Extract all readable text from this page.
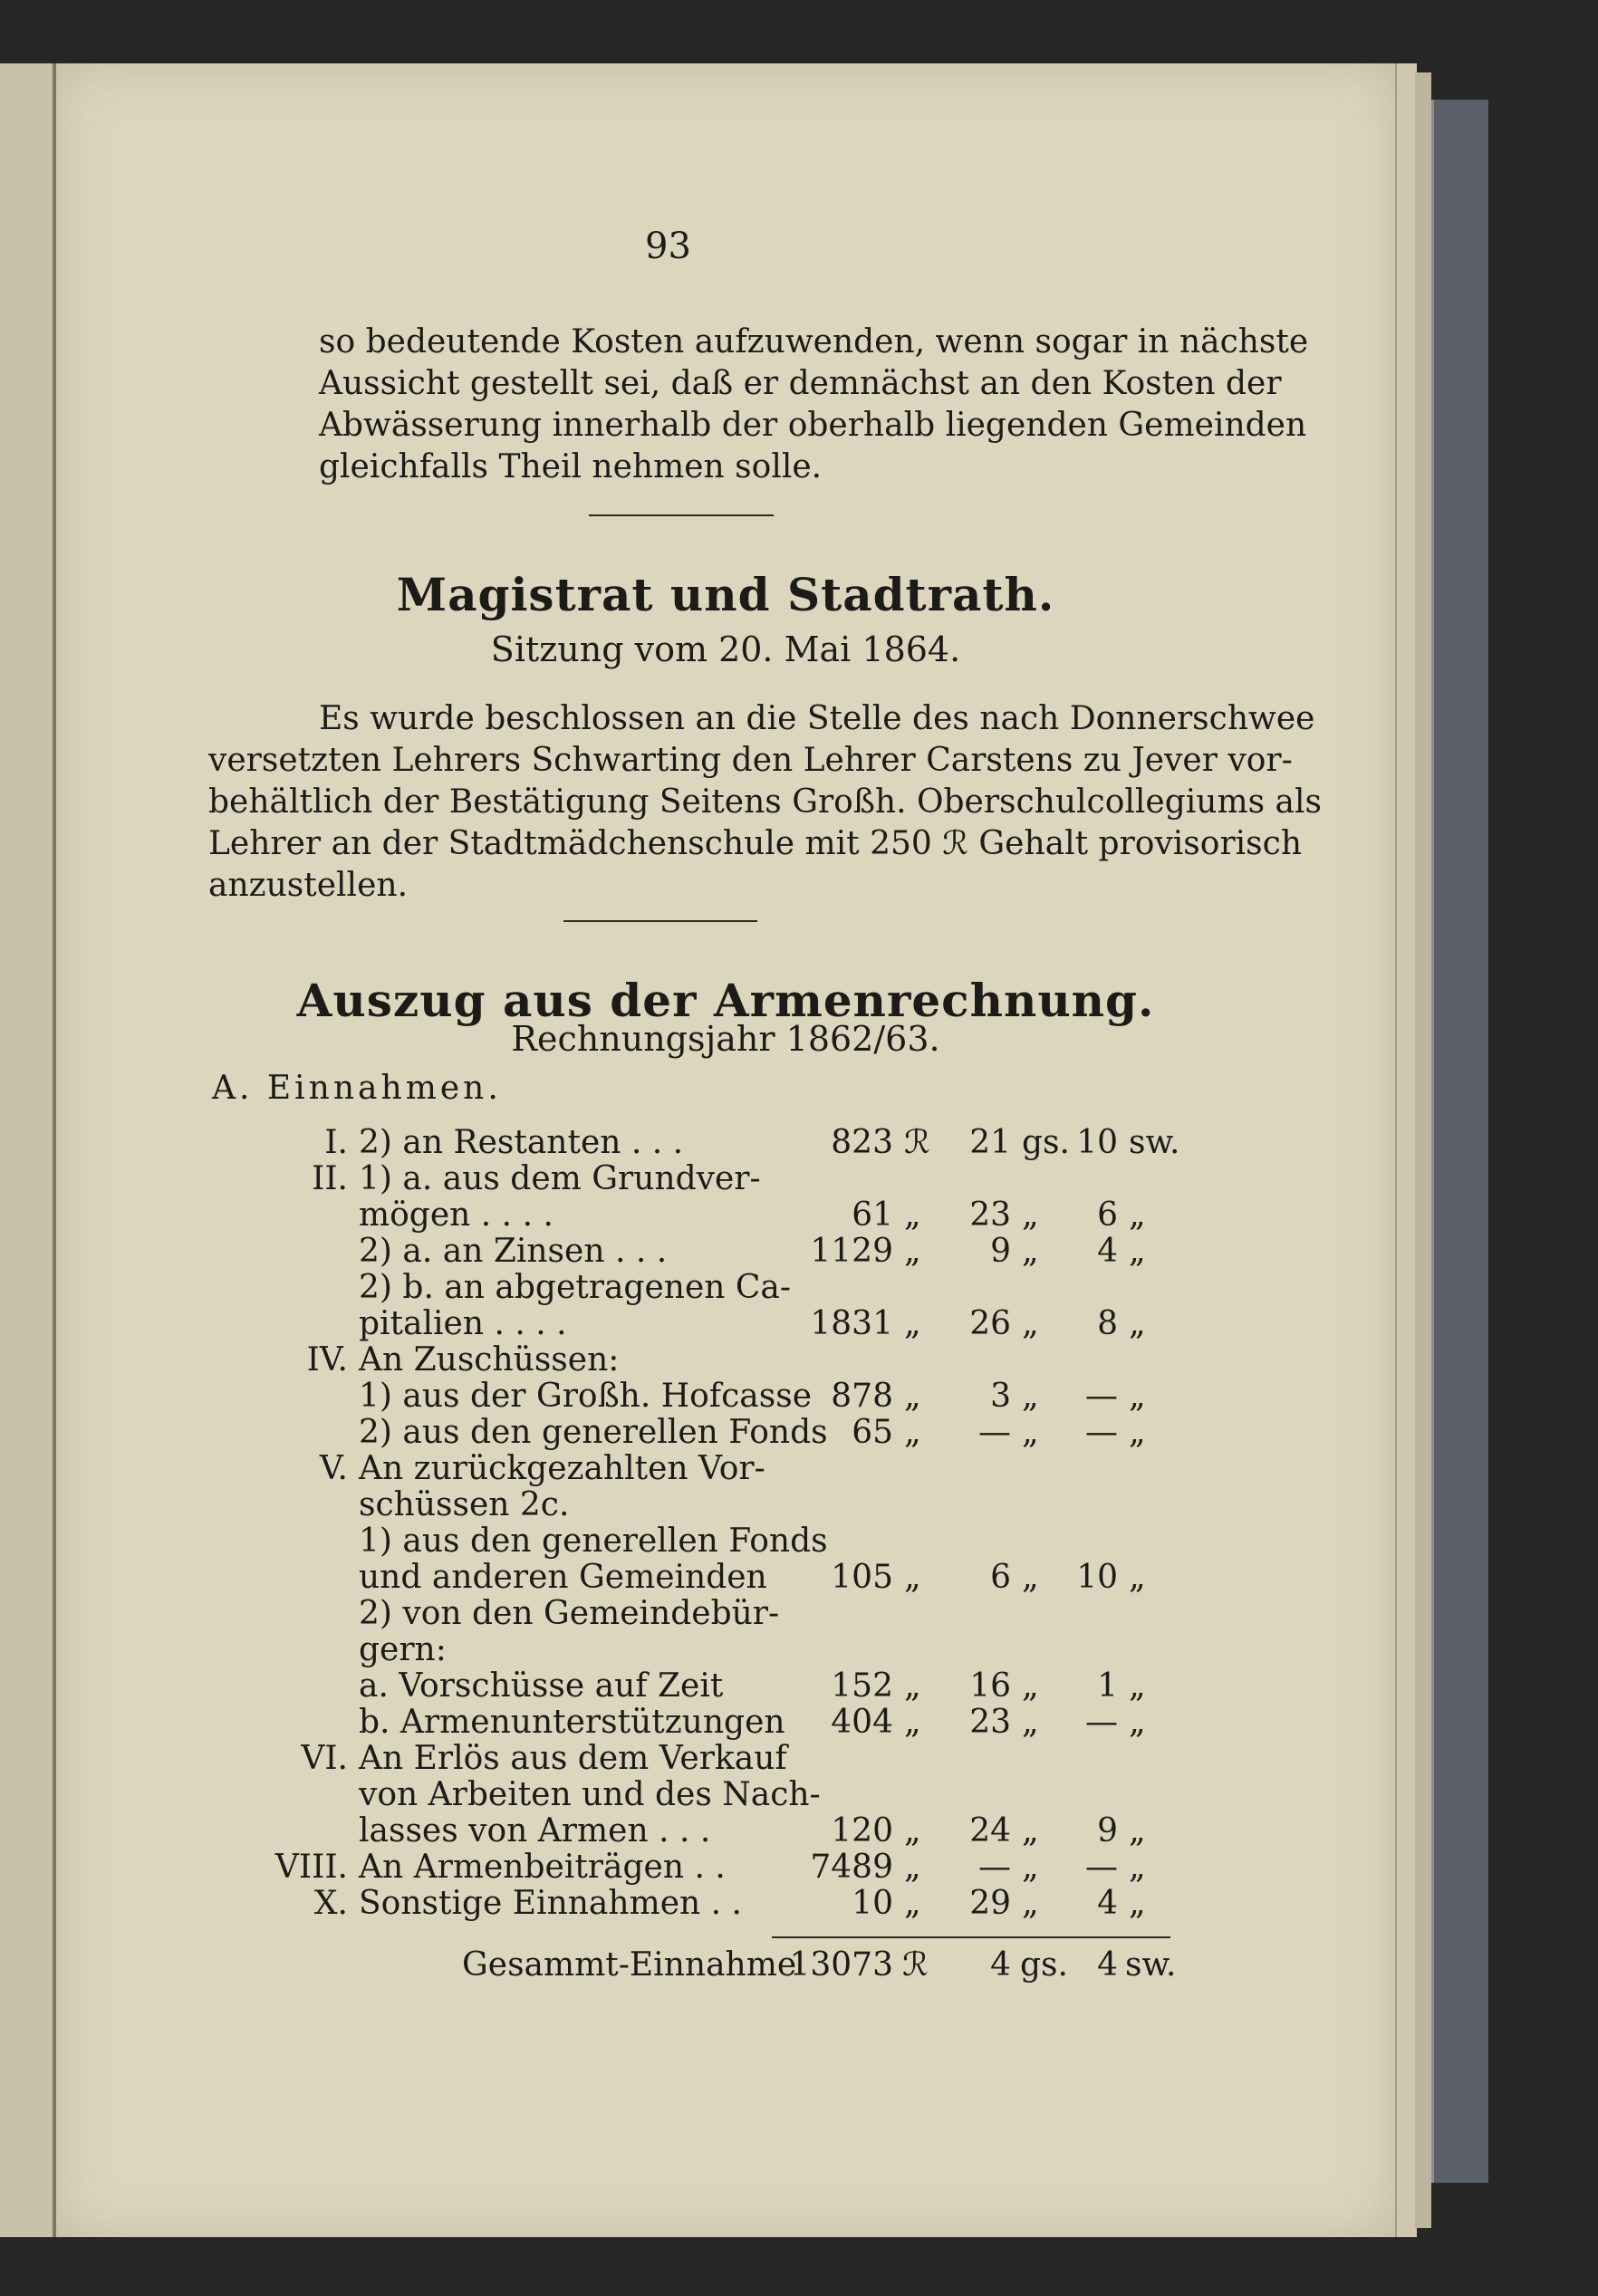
93
so bedeutende Kosten aufzuwenden, wenn sogar in nächste
Aussicht gestellt sei, daß er demnächst an den Kosten der
Abwässerung innerhalb der oberhalb liegenden Gemeinden
gleichfalls Theil nehmen solle.
Magistrat und Stadtrath.
Sitzung vom 20. Mai 1864.
Es wurde beschlossen an die Stelle des nach Donnerschwee
versetzten Lehrers Schwarting den Lehrer Carstens zu Jever vor-
behältlich der Bestätigung Seitens Großh. Oberschulcollegiums als
Lehrer an der Stadtmädchenschule mit 250 ℛ Gehalt provisorisch
anzustellen.
Auszug aus der Armenrechnung.
Rechnungsjahr 1862/63.
A. Einnahmen.
I. 2) an Restanten . . .	823 ℛ	21 gs. 10 sw.
II. 1) a. aus dem Grundver-
mögen . . . .	61 „	23 „	6 „
2) a. an Zinsen . . .	1129 „	9 „	4 „
2) b. an abgetragenen Ca-
pitalien . . . .	1831 „	26 „	8 „
IV. An Zuschüssen:
1) aus der Großh. Hofcasse 878 „	3 „	— „
2) aus den generellen Fonds 65 „	— „	— „
V. An zurückgezahlten Vor-
schüssen 2c.
1) aus den generellen Fonds
und anderen Gemeinden	105 „	6 „	10 „
2) von den Gemeindebür-
gern:
a. Vorschüsse auf Zeit	152 „	16 „	1 „
b. Armenunterstützungen	404 „	23 „	— „
VI. An Erlös aus dem Verkauf
von Arbeiten und des Nach-
lasses von Armen . . .	120 „	24 „	9 „
VIII. An Armenbeiträgen . .	7489 „	— „	— „
X. Sonstige Einnahmen . .	10 „	29 „	4 „
Gesammt-Einnahme
13073 ℛ	4 gs. 4 sw.
